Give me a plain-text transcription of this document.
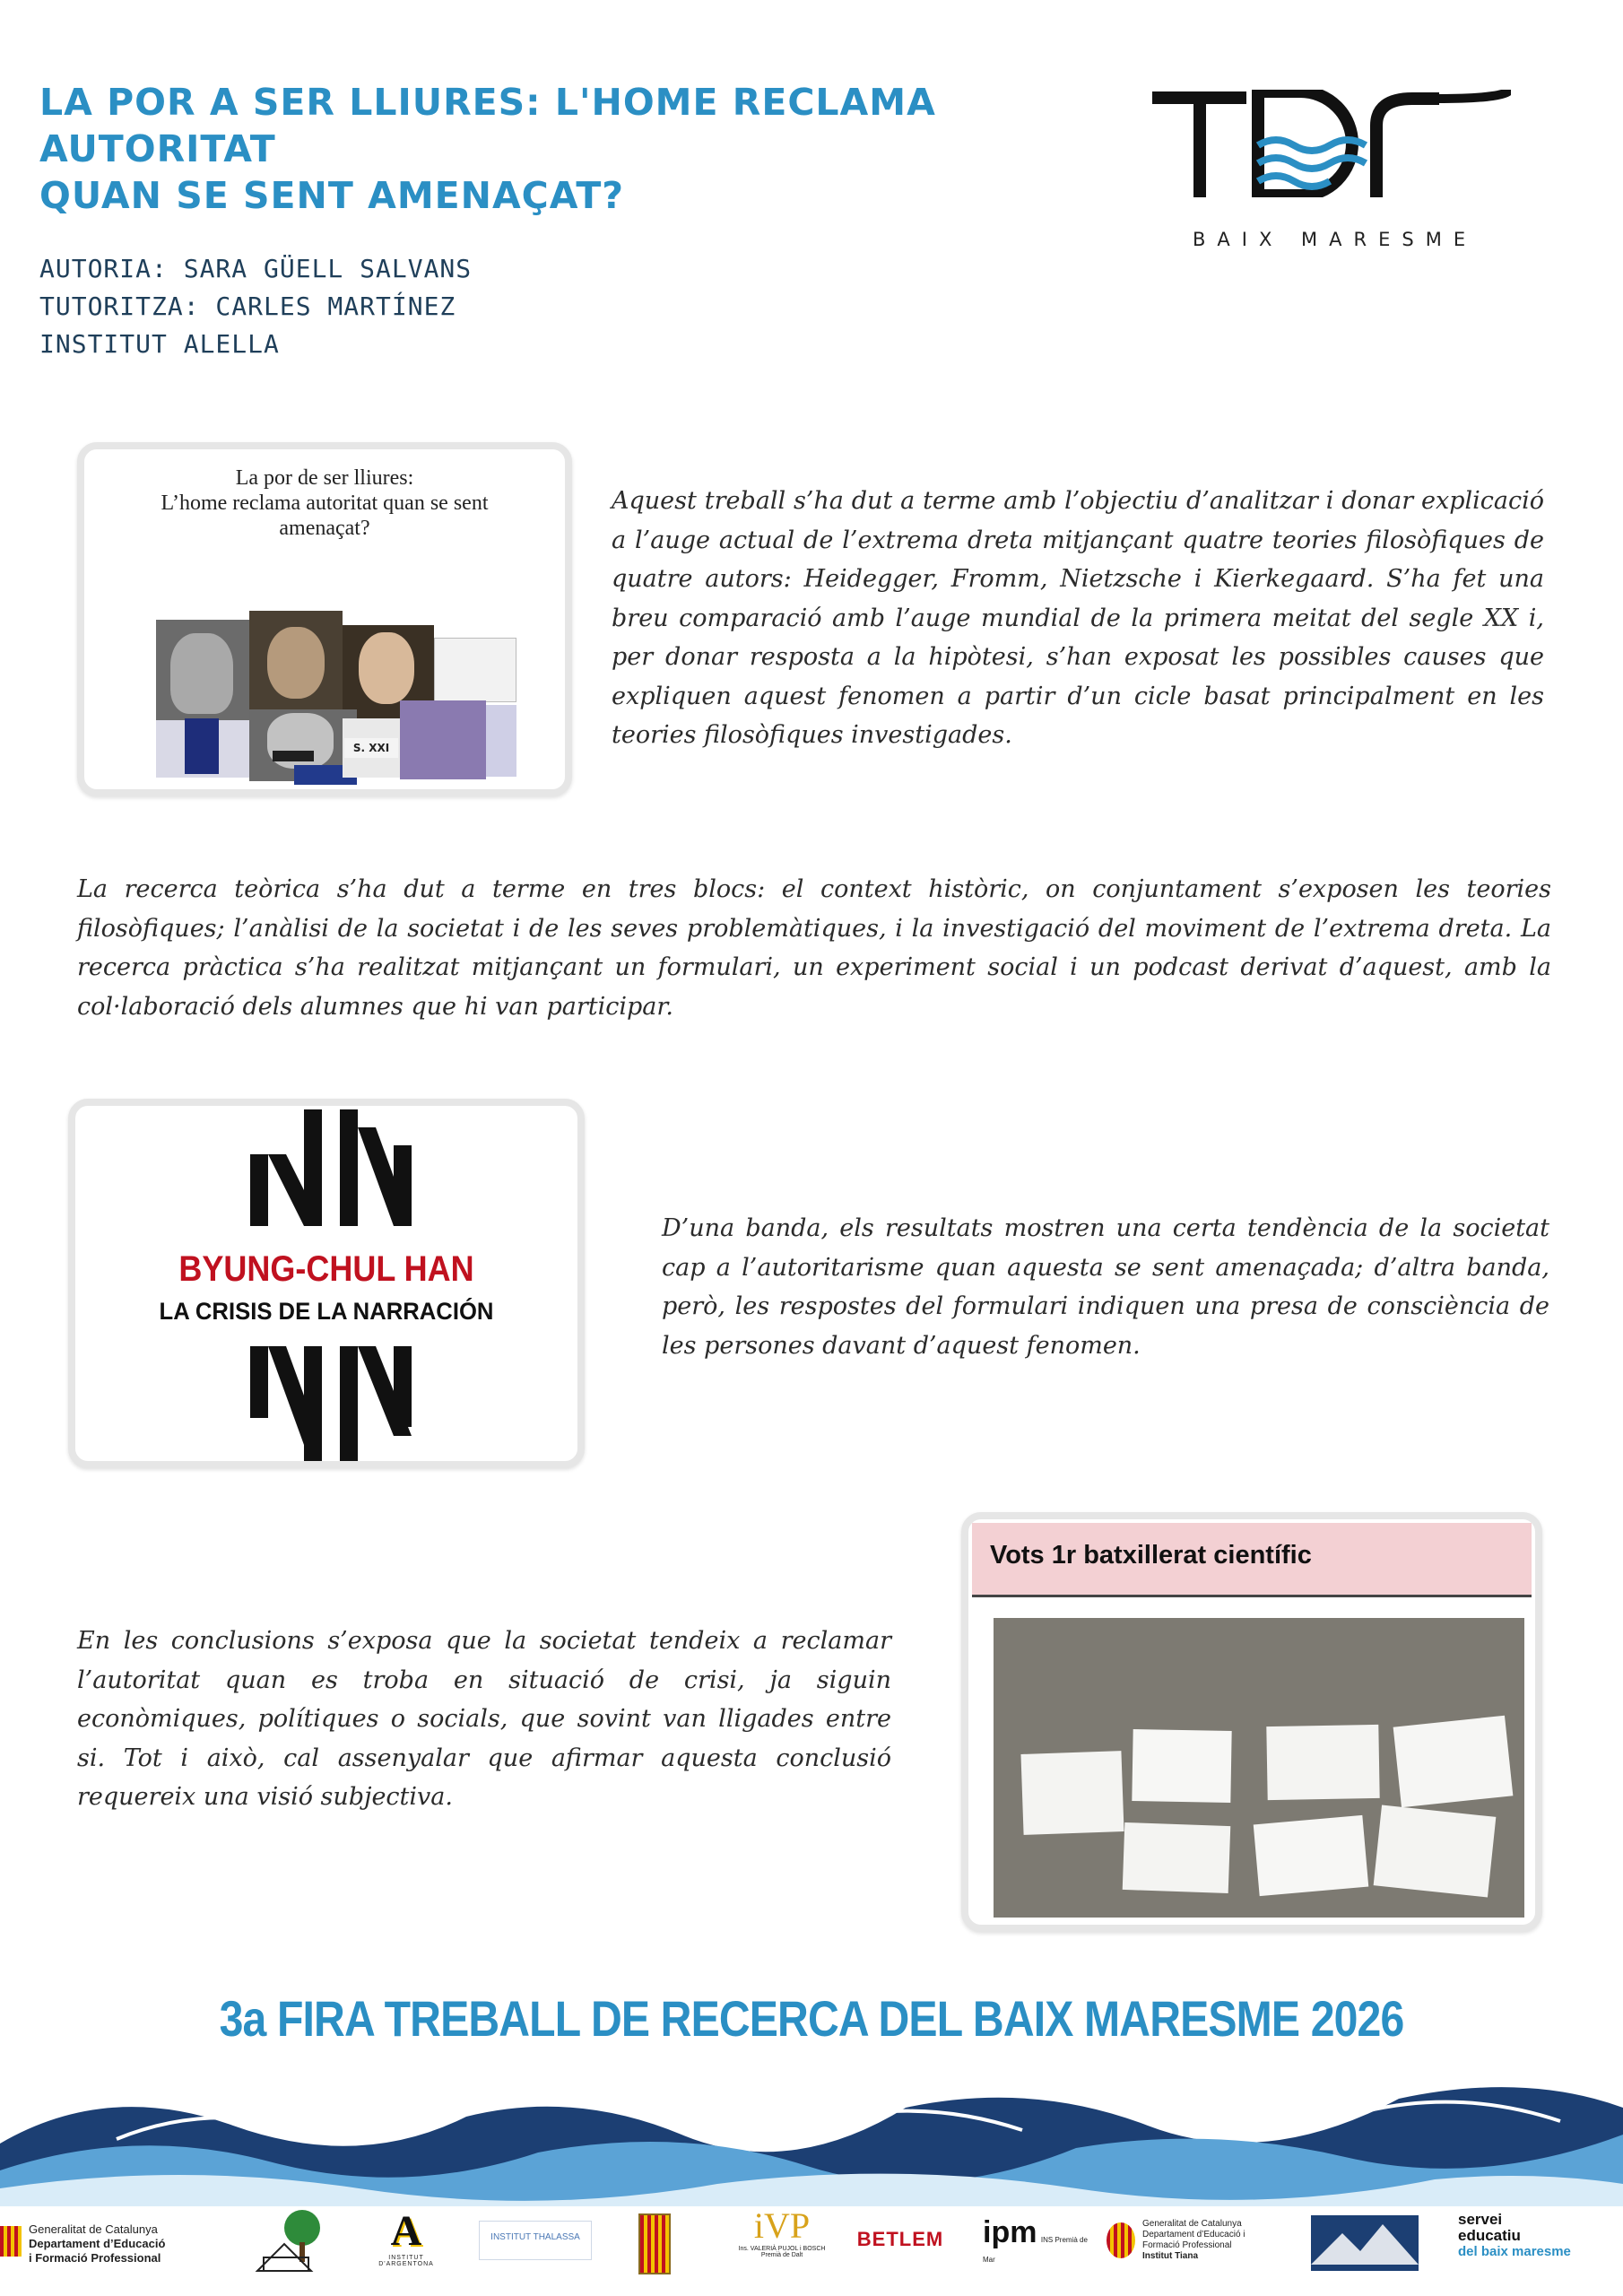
LA POR A SER LLIURES: L'HOME RECLAMA AUTORITAT
QUAN SE SENT AMENAÇAT?
AUTORIA: SARA GÜELL SALVANS
TUTORITZA: CARLES MARTÍNEZ
INSTITUT ALELLA
BAIX MARESME
La por de ser lliures:
L’home reclama autoritat quan se sent
amenaçat?
S. XXI

Aquest treball s’ha dut a terme amb l’objectiu d’analitzar i donar explicació a l’auge actual de l’extrema dreta mitjançant quatre teories filosòfiques de quatre autors: Heidegger, Fromm, Nietzsche i Kierkegaard. S’ha fet una breu comparació amb l’auge mundial de la primera meitat del segle XX i, per donar resposta a la hipòtesi, s’han exposat les possibles causes que expliquen aquest fenomen a partir d’un cicle basat principalment en les teories filosòfiques investigades.

La recerca teòrica s’ha dut a terme en tres blocs: el context històric, on conjuntament s’exposen les teories filosòfiques; l’anàlisi de la societat i de les seves problemàtiques, i la investigació del moviment de l’extrema dreta. La recerca pràctica s’ha realitzat mitjançant un formulari, un experiment social i un podcast derivat d’aquest, amb la col·laboració dels alumnes que hi van participar.

BYUNG-CHUL HAN
LA CRISIS DE LA NARRACIÓN

D’una banda, els resultats mostren una certa tendència de la societat cap a l’autoritarisme quan aquesta se sent amenaçada; d’altra banda, però, les respostes del formulari indiquen una presa de consciència de les persones davant d’aquest fenomen.

Vots 1r batxillerat científic

En les conclusions s’exposa que la societat tendeix a reclamar l’autoritat quan es troba en situació de crisi, ja siguin econòmiques, polítiques o socials, que sovint van lligades entre si. Tot i això, cal assenyalar que afirmar aquesta conclusió requereix una visió subjectiva.

3a FIRA TREBALL DE RECERCA DEL BAIX MARESME 2026
Generalitat de Catalunya
Departament d’Educació
i Formació Professional
A
INSTITUT D'ARGENTONA
INSTITUT THALASSA	iVP
Ins. VALERIÀ PUJOL i BOSCH
Premià de Dalt
BETLEM ipm INS Premià de Mar
Generalitat de Catalunya
Departament d’Educació i
Formació Professional
Institut Tiana
servei
educatiu
del baix maresme
